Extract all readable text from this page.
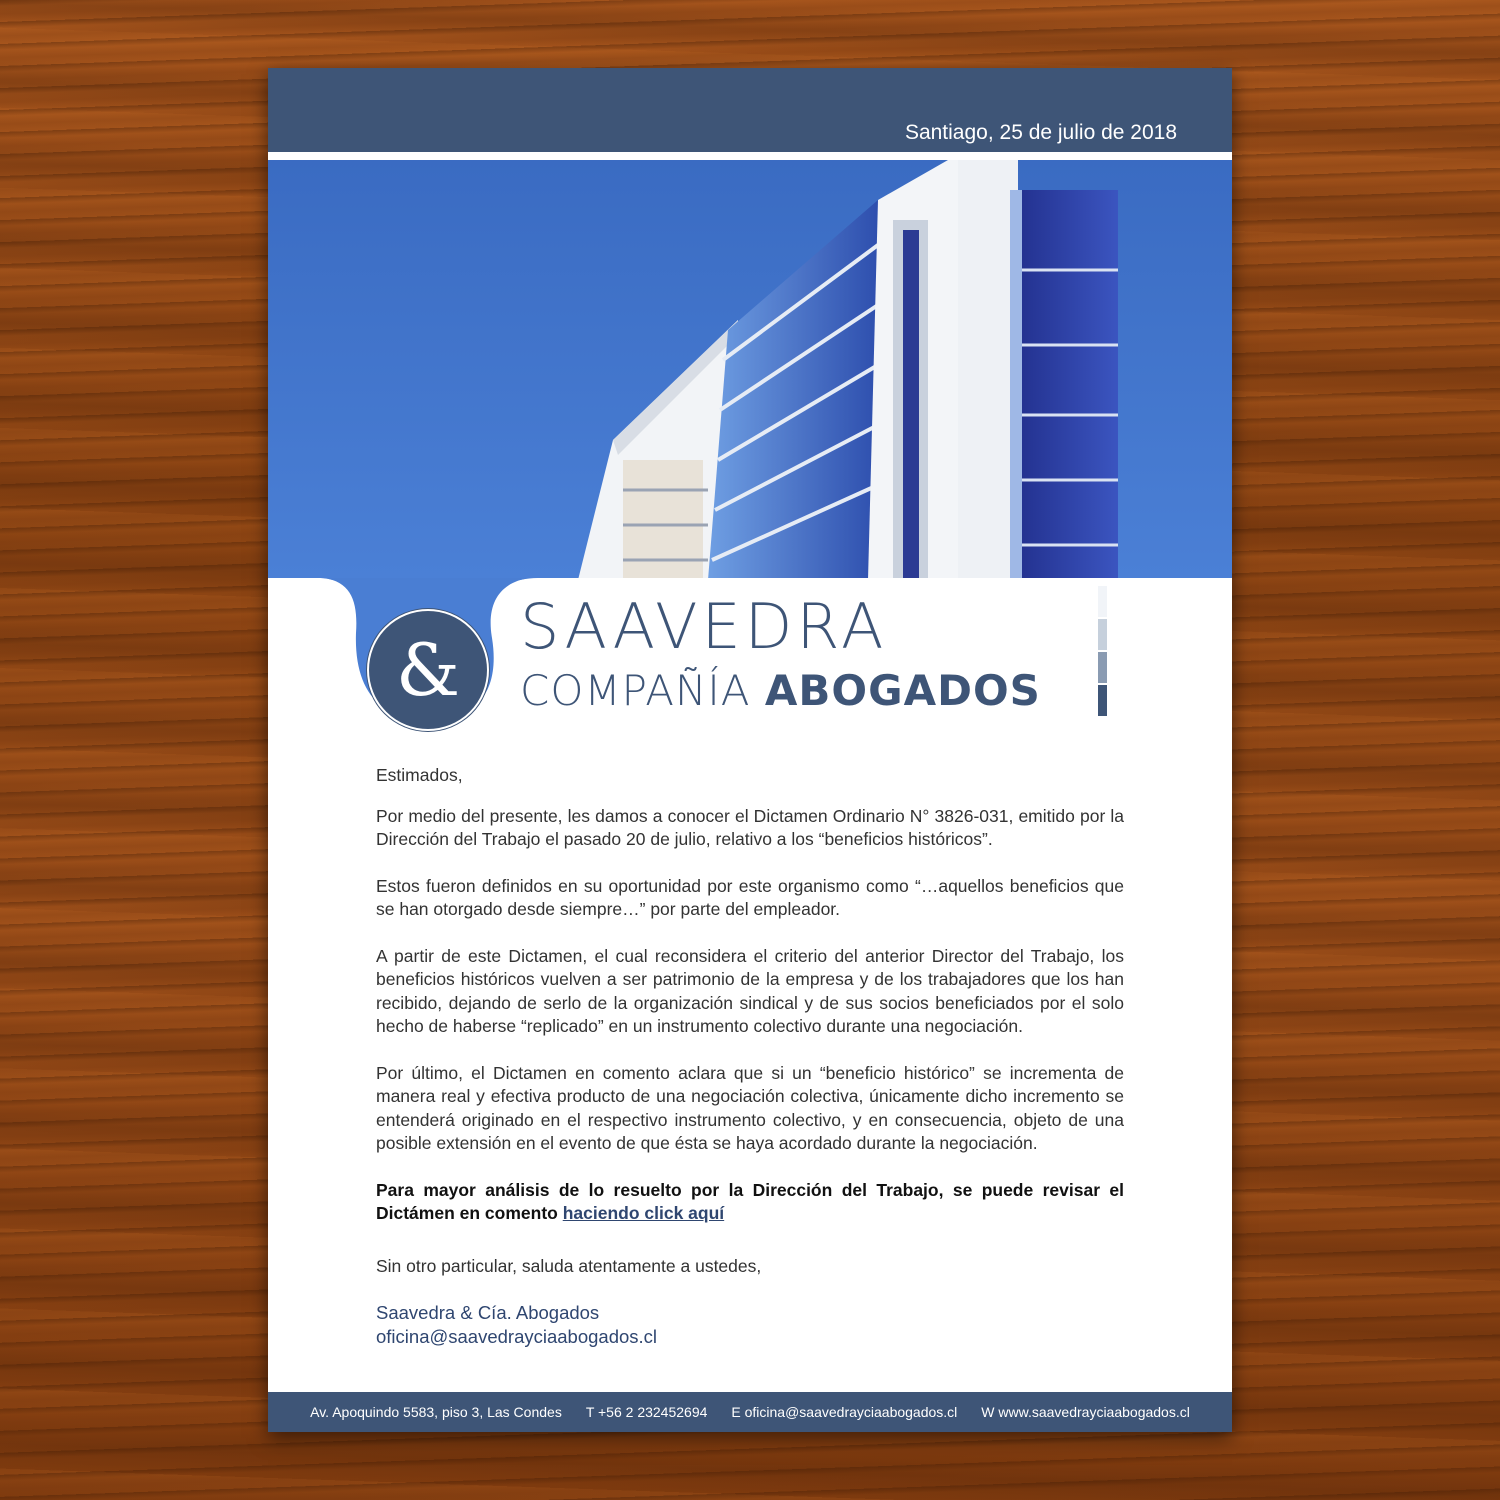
Santiago, 25 de julio de 2018
&
SAAVEDRA
COMPAÑÍA ABOGADOS

Estimados,

Por medio del presente, les damos a conocer el Dictamen Ordinario N° 3826-031, emitido por la Dirección del Trabajo el pasado 20 de julio, relativo a los “beneficios históricos”.

Estos fueron definidos en su oportunidad por este organismo como “…aquellos beneficios que se han otorgado desde siempre…” por parte del empleador.

A partir de este Dictamen, el cual reconsidera el criterio del anterior Director del Trabajo, los beneficios históricos vuelven a ser patrimonio de la empresa y de los trabajadores que los han recibido, dejando de serlo de la organización sindical y de sus socios beneficiados por el solo hecho de haberse “replicado” en un instrumento colectivo durante una negociación.

Por último, el Dictamen en comento aclara que si un “beneficio histórico” se incrementa de manera real y efectiva producto de una negociación colectiva, únicamente dicho incremento se entenderá originado en el respectivo instrumento colectivo, y en consecuencia, objeto de una posible extensión en el evento de que ésta se haya acordado durante la negociación.

Para mayor análisis de lo resuelto por la Dirección del Trabajo, se puede revisar el Dictámen en comento haciendo click aquí

Sin otro particular, saluda atentamente a ustedes,

Saavedra & Cía. Abogados
oficina@saavedrayciaabogados.cl
Av. Apoquindo 5583, piso 3, Las Condes T +56 2 232452694 E oficina@saavedrayciaabogados.cl W www.saavedrayciaabogados.cl
